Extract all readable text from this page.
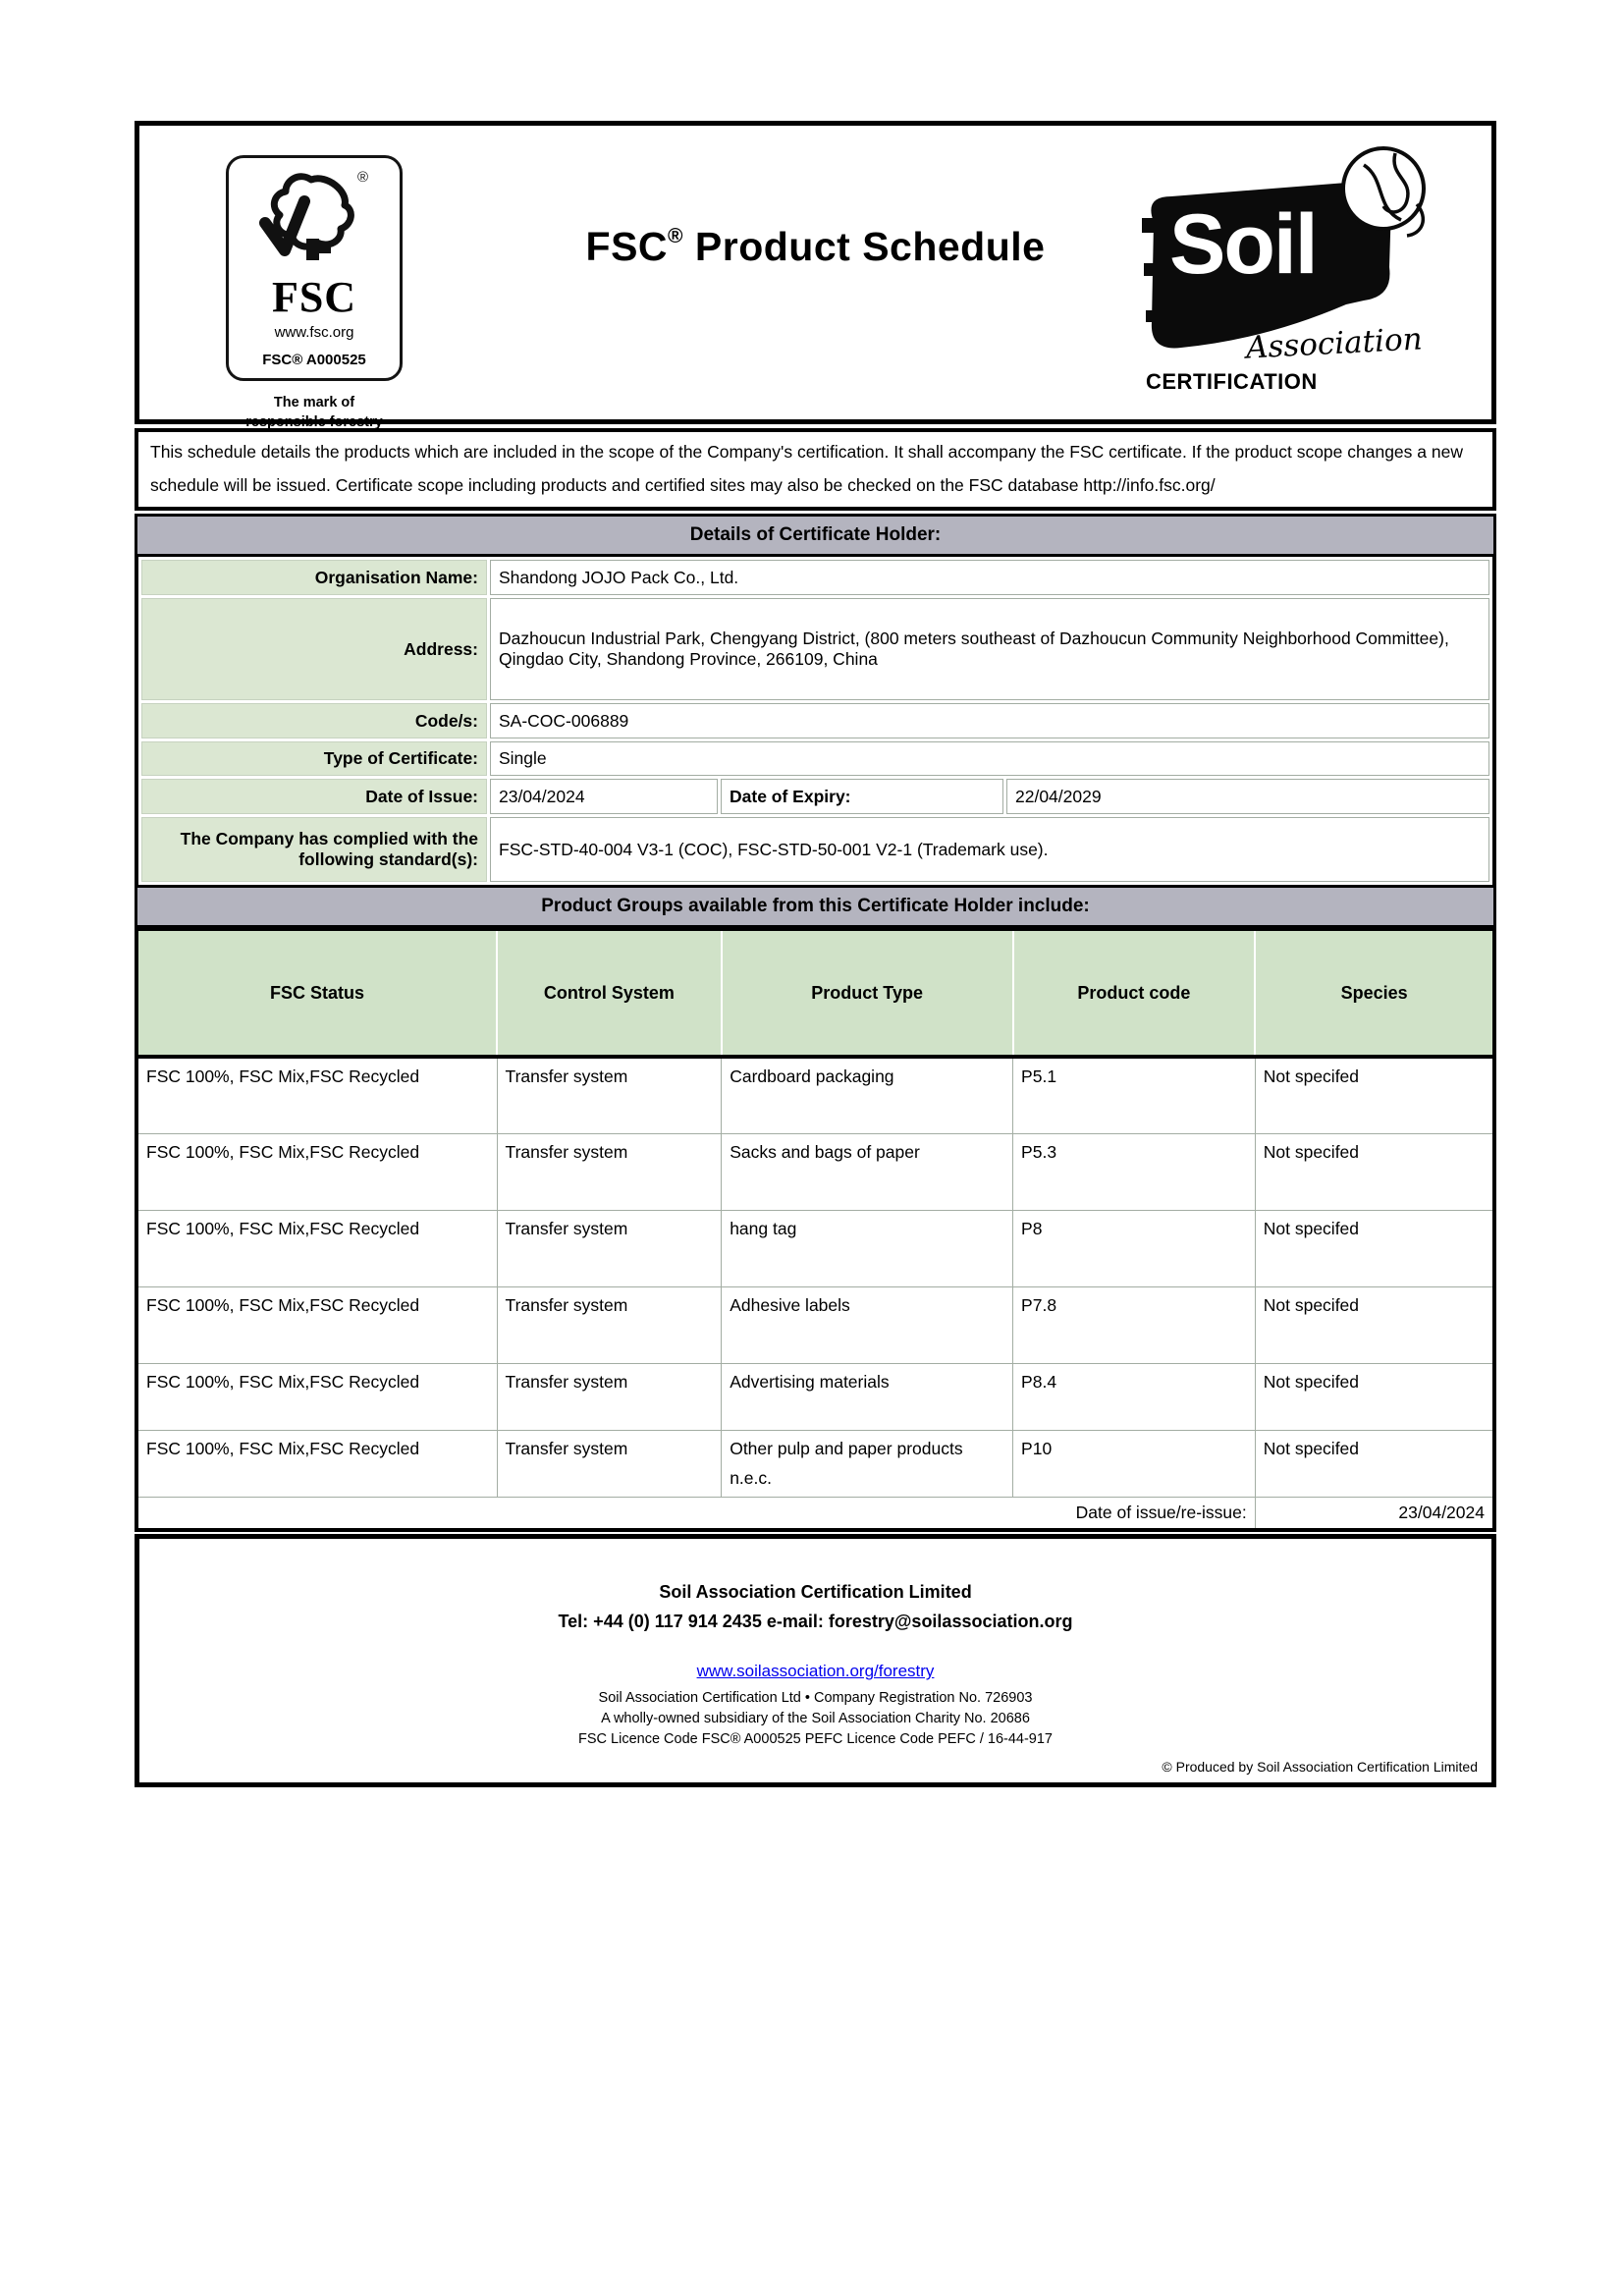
®
FSC
www.fsc.org
FSC® A000525
The mark of
responsible forestry
FSC® Product Schedule	Soil
Association
CERTIFICATION
This schedule details the products which are included in the scope of the Company's certification. It shall accompany the FSC certificate. If the product scope changes a new schedule will be issued. Certificate scope including products and certified sites may also be checked on the FSC database http://info.fsc.org/
Details of Certificate Holder:
Organisation Name:	Shandong JOJO Pack Co., Ltd.		
Address:	Dazhoucun Industrial Park, Chengyang District, (800 meters southeast of Dazhoucun Community Neighborhood Committee), Qingdao City, Shandong Province, 266109, China		
Code/s:	SA-COC-006889		
Type of Certificate:	Single		
Date of Issue:	23/04/2024	Date of Expiry:	22/04/2029
The Company has complied with the following standard(s):	FSC-STD-40-004 V3-1 (COC), FSC-STD-50-001 V2-1 (Trademark use).		
Product Groups available from this Certificate Holder include:
FSC Status	Control System	Product Type	Product code	Species
FSC 100%, FSC Mix,FSC Recycled	Transfer system	Cardboard packaging	P5.1	Not specifed
FSC 100%, FSC Mix,FSC Recycled	Transfer system	Sacks and bags of paper	P5.3	Not specifed
FSC 100%, FSC Mix,FSC Recycled	Transfer system	hang tag	P8	Not specifed
FSC 100%, FSC Mix,FSC Recycled	Transfer system	Adhesive labels	P7.8	Not specifed
FSC 100%, FSC Mix,FSC Recycled	Transfer system	Advertising materials	P8.4	Not specifed
FSC 100%, FSC Mix,FSC Recycled	Transfer system	Other pulp and paper products n.e.c.	P10	Not specifed
Date of issue/re-issue:				23/04/2024
Soil Association Certification Limited
Tel: +44 (0) 117 914 2435 e-mail: forestry@soilassociation.org
www.soilassociation.org/forestry
Soil Association Certification Ltd • Company Registration No. 726903
A wholly-owned subsidiary of the Soil Association Charity No. 20686
FSC Licence Code FSC® A000525 PEFC Licence Code PEFC / 16-44-917
© Produced by Soil Association Certification Limited
